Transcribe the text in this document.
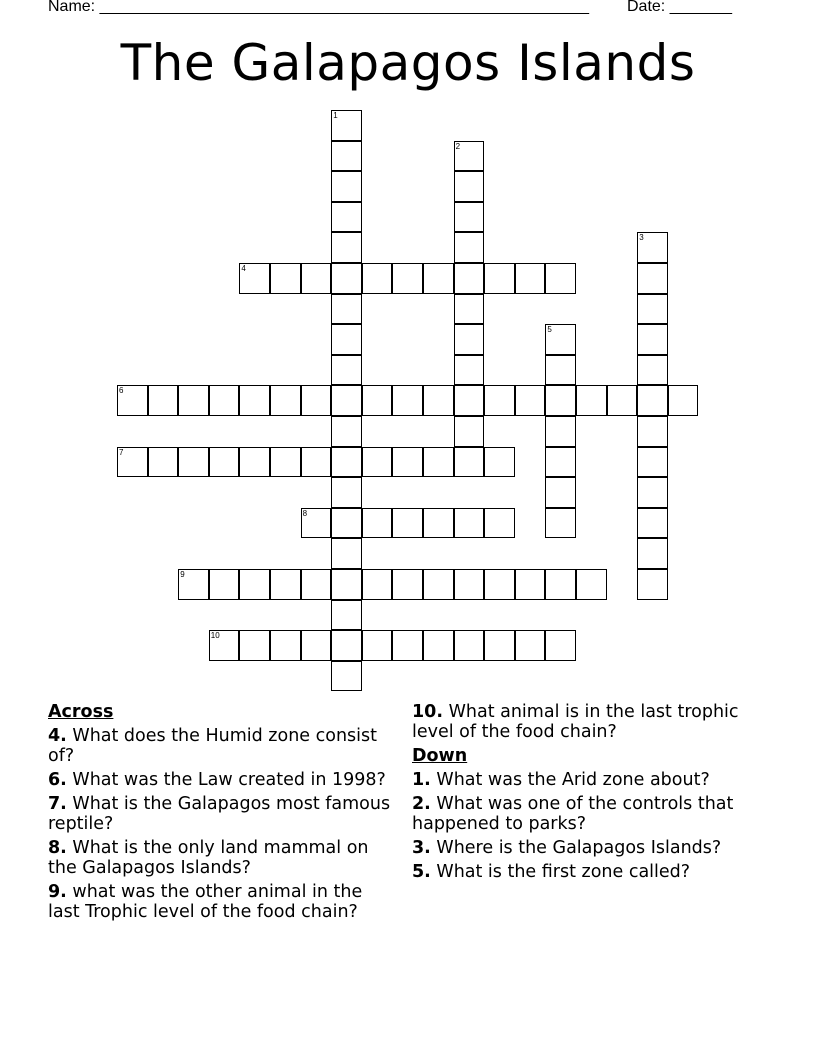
Name: _______________________________________________________ Date: _______
The Galapagos Islands
1
2
3
4
5
6
7
8
9
10
Across
4. What does the Humid zone consist of?
6. What was the Law created in 1998?
7. What is the Galapagos most famous reptile?
8. What is the only land mammal on the Galapagos Islands?
9. what was the other animal in the last Trophic level of the food chain?
10. What animal is in the last trophic level of the food chain?
Down
1. What was the Arid zone about?
2. What was one of the controls that happened to parks?
3. Where is the Galapagos Islands?
5. What is the first zone called?
